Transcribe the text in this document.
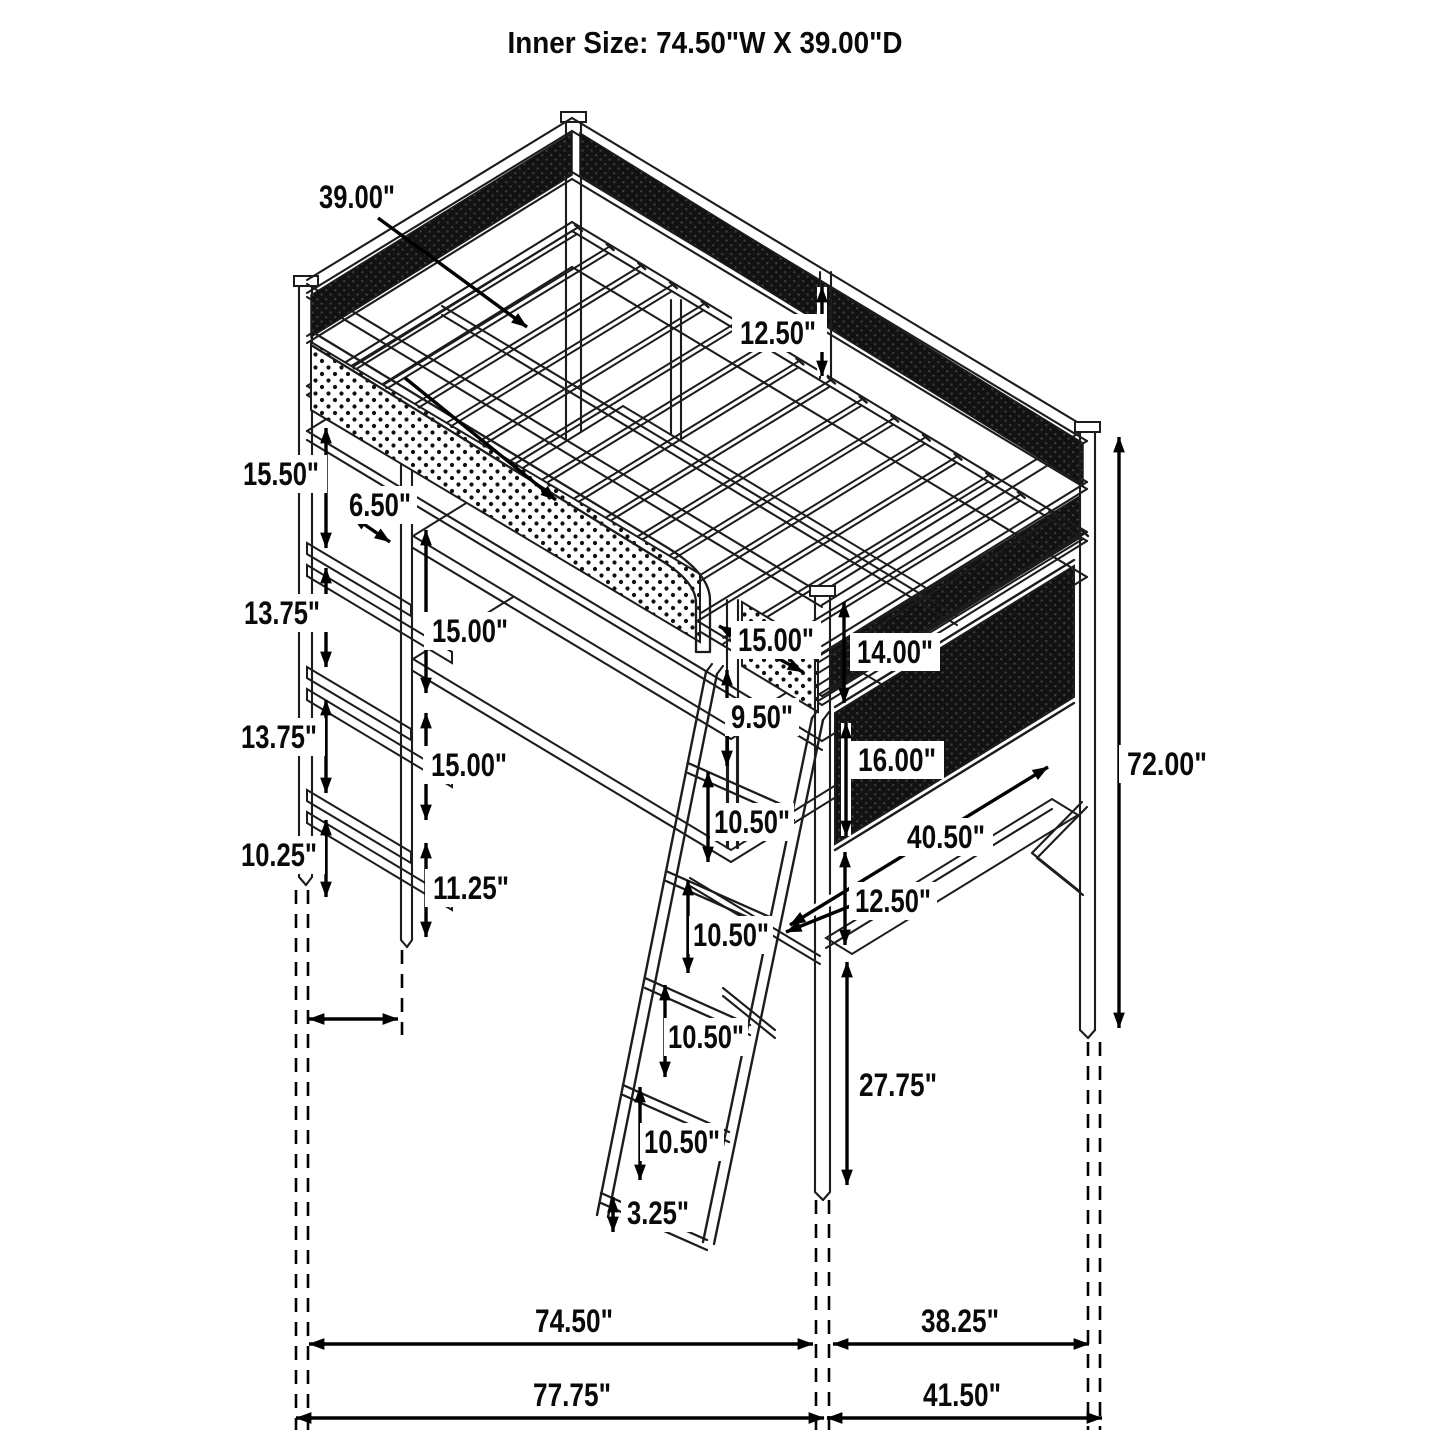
Inner Size: 74.50"W X 39.00"D
39.00"
12.50"
15.50"
6.50"
13.75"	15.00"
13.75"
15.00"
10.25"
11.25"
15.00" 14.00"
9.50"
16.00"
40.50"
10.50"
12.50"
10.50"
27.75"
10.50"
10.50"
3.25"
72.00"
74.50"	38.25"
77.75"	41.50"
